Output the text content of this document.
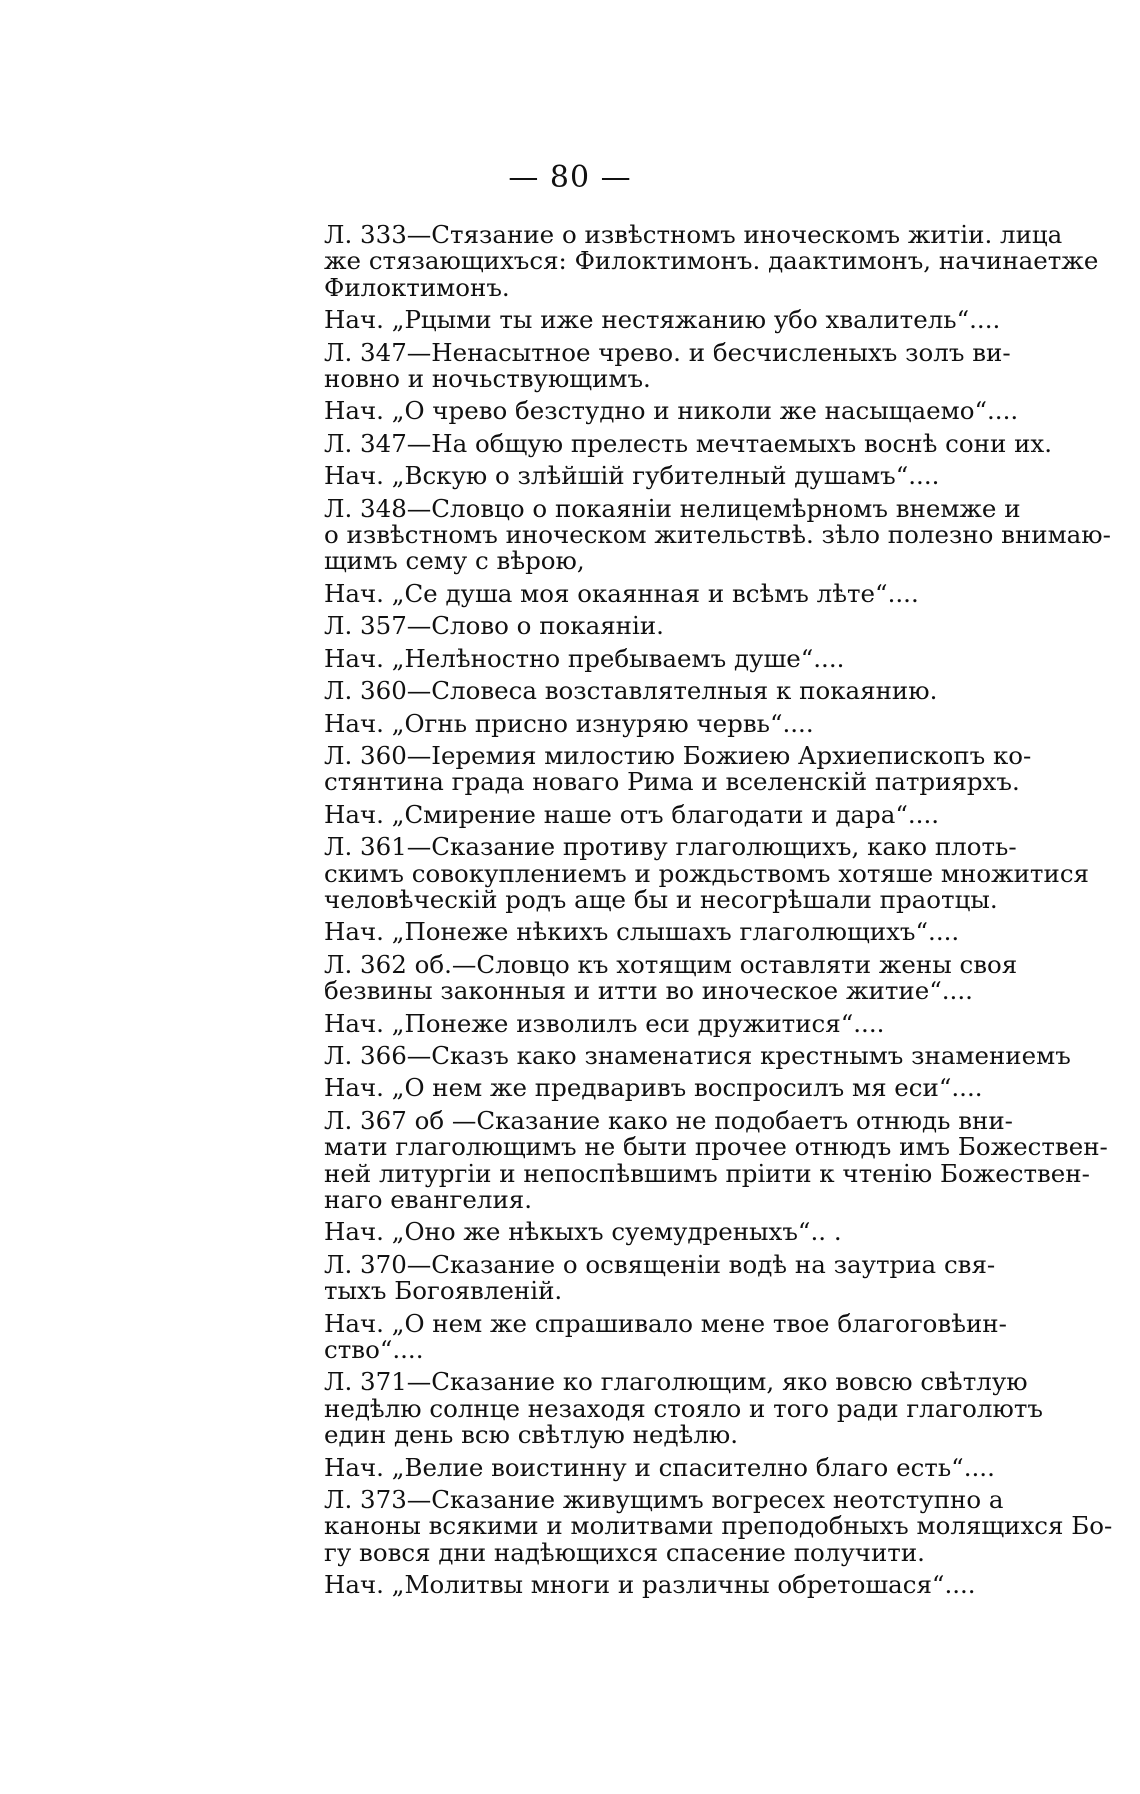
— 80 —

Л. 333—Стязание о извѣстномъ иноческомъ житiи. лица
же стязающихъся: Филоктимонъ. даактимонъ, начинаетже
Филоктимонъ.

Нач. „Рцыми ты иже нестяжанию убо хвалитель“....

Л. 347—Ненасытное чрево. и бесчисленыхъ золъ ви-
новно и ночьствующимъ.

Нач. „О чрево безстудно и николи же насыщаемо“....

Л. 347—На общую прелесть мечтаемыхъ воснѣ сони их.

Нач. „Вскую о злѣйшiй губителный душамъ“....

Л. 348—Словцо о покаянiи нелицемѣрномъ внемже и
о извѣстномъ иноческом жительствѣ. зѣло полезно внимаю-
щимъ сему с вѣрою,

Нач. „Се душа моя окаянная и всѣмъ лѣте“....

Л. 357—Слово о покаянiи.

Нач. „Нелѣностно пребываемъ душе“....

Л. 360—Словеса возставлятелныя к покаянию.

Нач. „Огнь присно изнуряю червь“....

Л. 360—Iеремия милостию Божиею Архиепископъ ко-
стянтина града новаго Рима и вселенскiй патриярхъ.

Нач. „Смирение наше отъ благодати и дара“....

Л. 361—Сказание противу глаголющихъ, како плоть-
скимъ совокуплениемъ и рождьствомъ хотяше множитися
человѣческiй родъ аще бы и несогрѣшали праотцы.

Нач. „Понеже нѣкихъ слышахъ глаголющихъ“....

Л. 362 об.—Словцо къ хотящим оставляти жены своя
безвины законныя и итти во иноческое житие“....

Нач. „Понеже изволилъ еси дружитися“....

Л. 366—Сказъ како знаменатися крестнымъ знамениемъ

Нач. „О нем же предваривъ воспросилъ мя еси“....

Л. 367 об —Сказание како не подобаетъ отнюдь вни-
мати глаголющимъ не быти прочее отнюдъ имъ Божествен-
ней литургiи и непоспѣвшимъ прiити к чтенiю Божествен-
наго евангелия.

Нач. „Оно же нѣкыхъ суемудреныхъ“.. .

Л. 370—Сказание о освященiи водѣ на заутриа свя-
тыхъ Богоявленiй.

Нач. „О нем же спрашивало мене твое благоговѣин-
ство“....

Л. 371—Сказание ко глаголющим, яко вовсю свѣтлую
недѣлю солнце незаходя стояло и того ради глаголютъ
един день всю свѣтлую недѣлю.

Нач. „Велие воистинну и спасително благо есть“....

Л. 373—Сказание живущимъ вогресех неотступно а
каноны всякими и молитвами преподобныхъ молящихся Бо-
гу вовся дни надѣющихся спасение получити.

Нач. „Молитвы многи и различны обретошася“....
